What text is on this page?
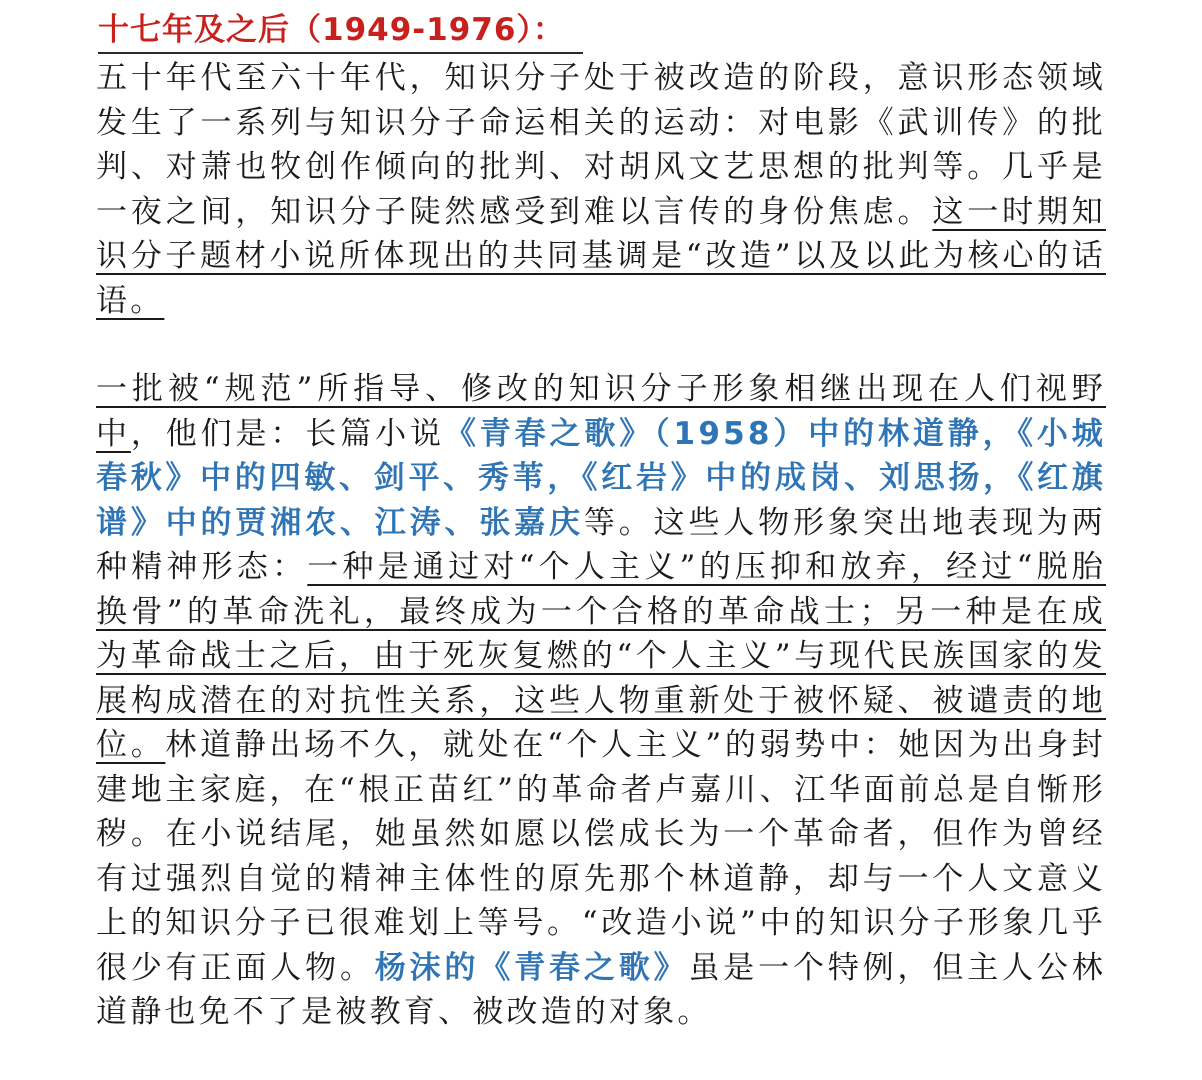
十七年及之后（1949-1976）：

五十年代至六十年代，知识分子处于被改造的阶段，意识形态领域发生了一系列与知识分子命运相关的运动：对电影《武训传》的批判、对萧也牧创作倾向的批判、对胡风文艺思想的批判等。几乎是一夜之间，知识分子陡然感受到难以言传的身份焦虑。这一时期知识分子题材小说所体现出的共同基调是“改造”以及以此为核心的话语。

一批被“规范”所指导、修改的知识分子形象相继出现在人们视野中，他们是：长篇小说《青春之歌》（1958）中的林道静，《小城春秋》中的四敏、剑平、秀苇，《红岩》中的成岗、刘思扬，《红旗谱》中的贾湘农、江涛、张嘉庆等。这些人物形象突出地表现为两种精神形态：一种是通过对“个人主义”的压抑和放弃，经过“脱胎换骨”的革命洗礼，最终成为一个合格的革命战士；另一种是在成为革命战士之后，由于死灰复燃的“个人主义”与现代民族国家的发展构成潜在的对抗性关系，这些人物重新处于被怀疑、被谴责的地位。林道静出场不久，就处在“个人主义”的弱势中：她因为出身封建地主家庭，在“根正苗红”的革命者卢嘉川、江华面前总是自惭形秽。在小说结尾，她虽然如愿以偿成长为一个革命者，但作为曾经有过强烈自觉的精神主体性的原先那个林道静，却与一个人文意义上的知识分子已很难划上等号。“改造小说”中的知识分子形象几乎很少有正面人物。杨沫的《青春之歌》虽是一个特例，但主人公林道静也免不了是被教育、被改造的对象。
